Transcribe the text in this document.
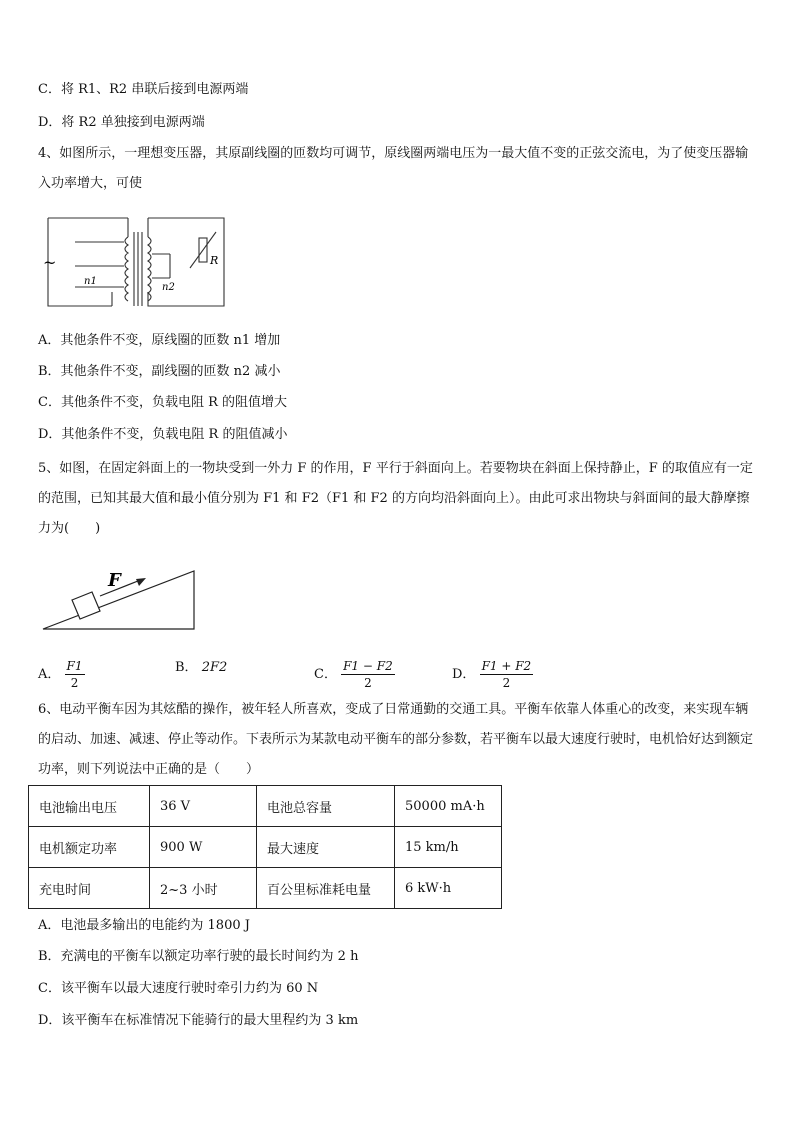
C．将 R1、R2 串联后接到电源两端
D．将 R2 单独接到电源两端
4、如图所示，一理想变压器，其原副线圈的匝数均可调节，原线圈两端电压为一最大值不变的正弦交流电，为了使变压器输入功率增大，可使
~
n1
n2
R
A．其他条件不变，原线圈的匝数 n1 增加
B．其他条件不变，副线圈的匝数 n2 减小
C．其他条件不变，负载电阻 R 的阻值增大
D．其他条件不变，负载电阻 R 的阻值减小
5、如图，在固定斜面上的一物块受到一外力 F 的作用，F 平行于斜面向上。若要物块在斜面上保持静止，F 的取值应有一定的范围，已知其最大值和最小值分别为 F1 和 F2（F1 和 F2 的方向均沿斜面向上）。由此可求出物块与斜面间的最大静摩擦力为(　　)
F
A． $\frac{F1}{2}$	B． 2F2	C． $\frac{F1 - F2}{2}$	D． $\frac{F1 + F2}{2}$
6、电动平衡车因为其炫酷的操作，被年轻人所喜欢，变成了日常通勤的交通工具。平衡车依靠人体重心的改变，来实现车辆的启动、加速、减速、停止等动作。下表所示为某款电动平衡车的部分参数，若平衡车以最大速度行驶时，电机恰好达到额定功率，则下列说法中正确的是（　　）
电池输出电压	36 V	电池总容量	50000 mA·h
电机额定功率	900 W	最大速度	15 km/h
充电时间	2~3 小时	百公里标准耗电量	6 kW·h
A．电池最多输出的电能约为 1800 J
B．充满电的平衡车以额定功率行驶的最长时间约为 2 h
C．该平衡车以最大速度行驶时牵引力约为 60 N
D．该平衡车在标准情况下能骑行的最大里程约为 3 km
